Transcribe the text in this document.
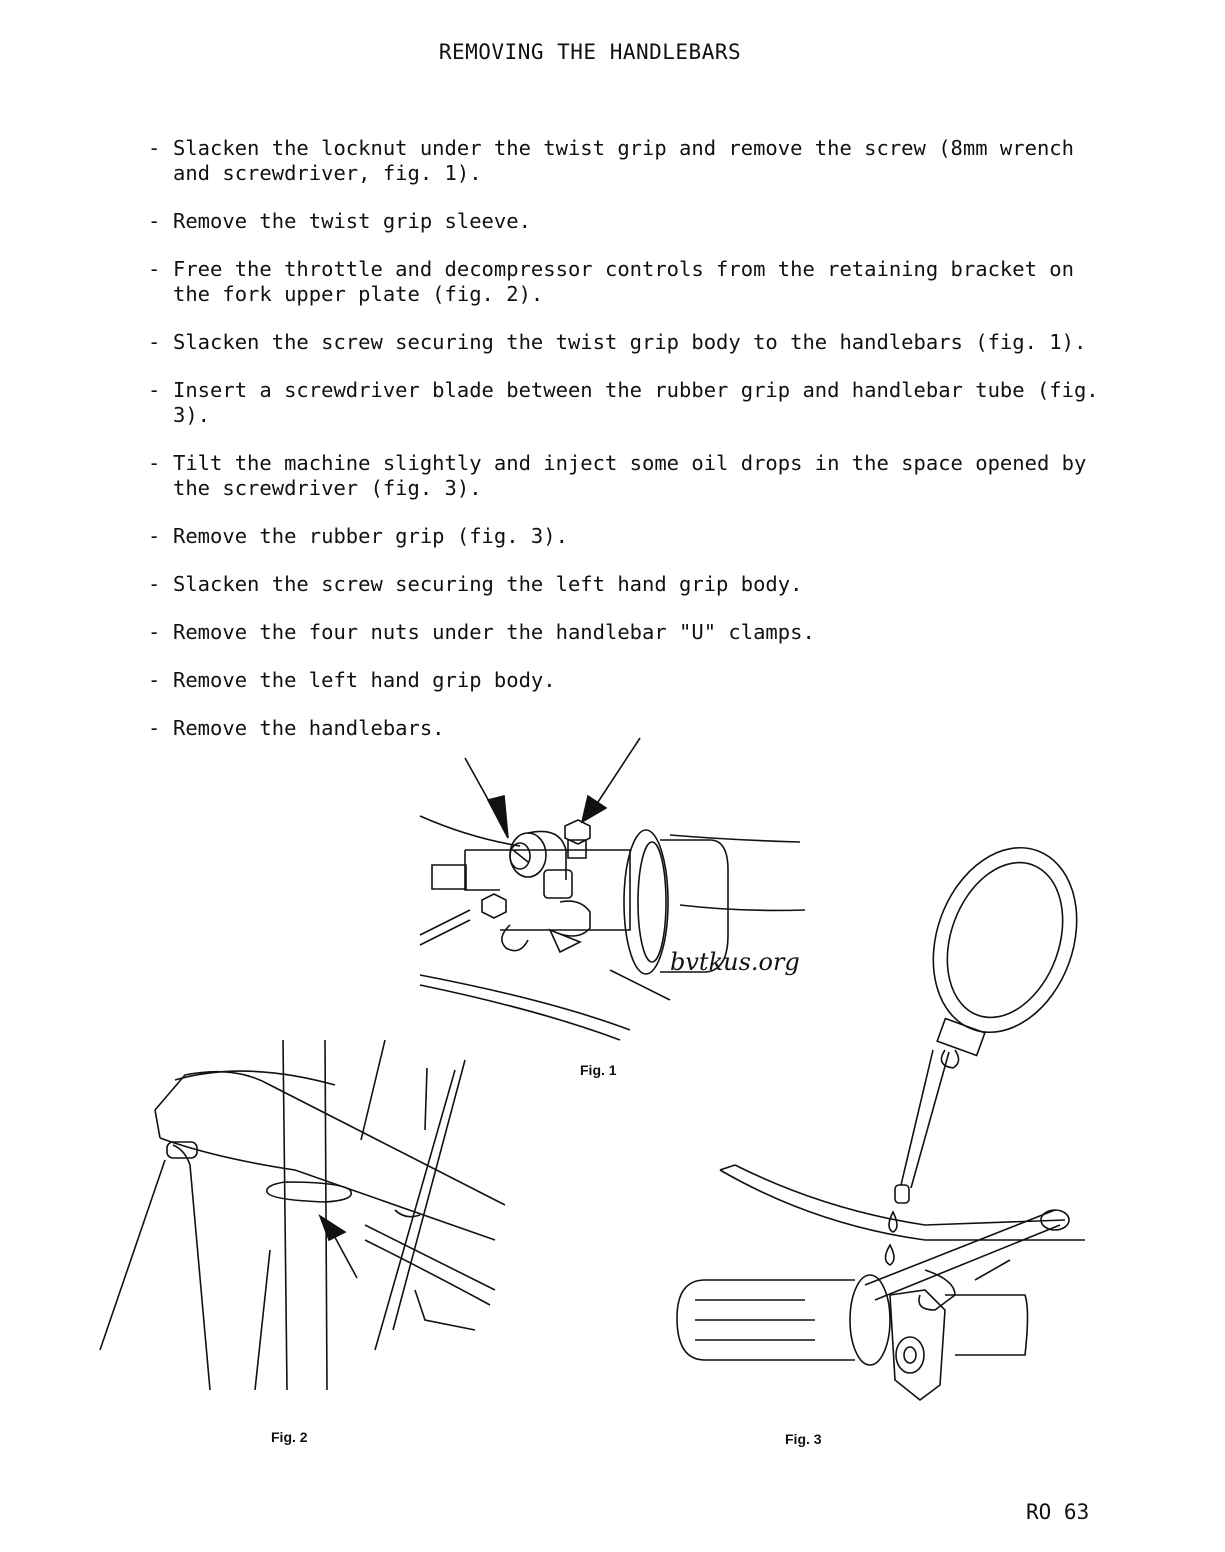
REMOVING THE HANDLEBARS
- Slacken the locknut under the twist grip and remove the screw (8mm wrench and screwdriver, fig. 1).
- Remove the twist grip sleeve.
- Free the throttle and decompressor controls from the retaining bracket on the fork upper plate (fig. 2).
- Slacken the screw securing the twist grip body to the handlebars (fig. 1).
- Insert a screwdriver blade between the rubber grip and handlebar tube (fig. 3).
- Tilt the machine slightly and inject some oil drops in the space opened by the screwdriver (fig. 3).
- Remove the rubber grip (fig. 3).
- Slacken the screw securing the left hand grip body.
- Remove the four nuts under the handlebar "U" clamps.
- Remove the left hand grip body.
- Remove the handlebars.
bvtkus.org
Fig. 1
Fig. 2	Fig. 3
RO 63
